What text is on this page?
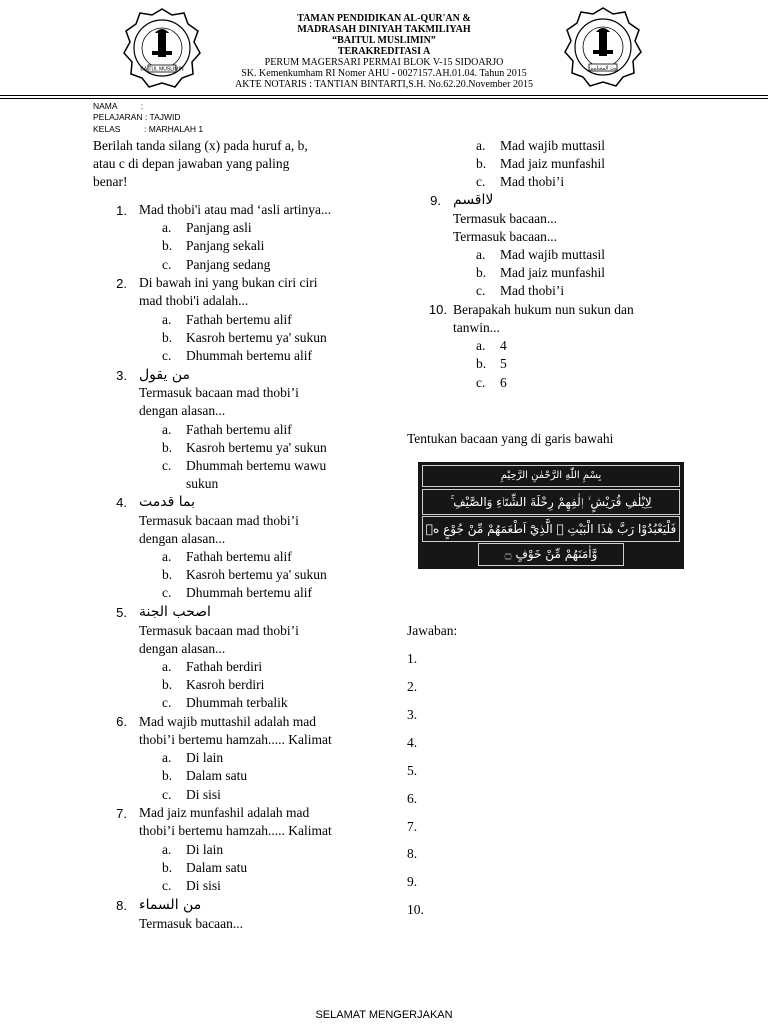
BAITUL MUSLIMIN	بيت المسلمين
TAMAN PENDIDIKAN AL-QUR'AN &
MADRASAH DINIYAH TAKMILIYAH
“BAITUL MUSLIMIN”
TERAKREDITASI A
PERUM MAGERSARI PERMAI BLOK V-15 SIDOARJO
SK. Kemenkumham RI Nomer AHU - 0027157.AH.01.04. Tahun 2015
AKTE NOTARIS : TANTIAN BINTARTI,S.H. No.62.20.November 2015
NAMA          :
PELAJARAN : TAJWID
KELAS          : MARHALAH 1
Berilah tanda silang (x) pada huruf a, b,
atau c di depan jawaban yang paling
benar!
1. Mad thobi'i atau mad ‘asli artinya...
a. Panjang asli
b. Panjang sekali
c. Panjang sedang
2. Di bawah ini yang bukan ciri ciri
mad thobi'i adalah...
a. Fathah bertemu alif
b. Kasroh bertemu ya' sukun
c. Dhummah bertemu alif
3. من يقول
Termasuk bacaan mad thobi’i
dengan alasan...
a. Fathah bertemu alif
b. Kasroh bertemu ya' sukun
c. Dhummah bertemu wawu
sukun
4. بما قدمت
Termasuk bacaan mad thobi’i
dengan alasan...
a. Fathah bertemu alif
b. Kasroh bertemu ya' sukun
c. Dhummah bertemu alif
5. اصحب الجنة
Termasuk bacaan mad thobi’i
dengan alasan...
a. Fathah berdiri
b. Kasroh berdiri
c. Dhummah terbalik
6. Mad wajib muttashil adalah mad
thobi’i bertemu hamzah..... Kalimat
a. Di lain
b. Dalam satu
c. Di sisi
7. Mad jaiz munfashil adalah mad
thobi’i bertemu hamzah..... Kalimat
a. Di lain
b. Dalam satu
c. Di sisi
8. من السماء
Termasuk bacaan...
a. Mad wajib muttasil
b. Mad jaiz munfashil
c. Mad thobi’i
9. لااقسم
Termasuk bacaan...
Termasuk bacaan...
a. Mad wajib muttasil
b. Mad jaiz munfashil
c. Mad thobi’i
10. Berapakah hukum nun sukun dan
tanwin...
a. 4
b. 5
c. 6
Tentukan bacaan yang di garis bawahi
بِسْمِ اللّٰهِ الرَّحْمٰنِ الرَّحِيْمِ
لِاِيْلٰفِ قُرَيْشٍ ۙ اٖلٰفِهِمْ رِحْلَةَ الشِّتَاۤءِ وَالصَّيْفِ ۚ
فَلْيَعْبُدُوْا رَبَّ هٰذَا الْبَيْتِ ۙ الَّذِيْٓ اَطْعَمَهُمْ مِّنْ جُوْعٍ ەۙ
وَّاٰمَنَهُمْ مِّنْ خَوْفٍ ۝
Jawaban:
1.
2.
3.
4.
5.
6.
7.
8.
9.
10.
SELAMAT MENGERJAKAN
